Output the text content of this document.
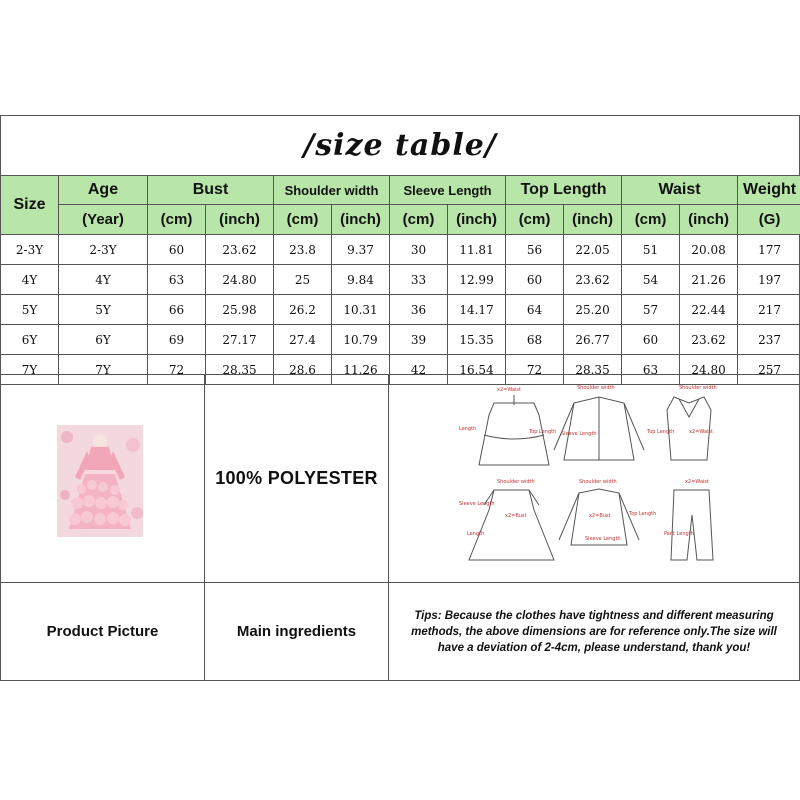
/size table/
Size	Age	Bust		Shoulder width		Sleeve Length		Top Length		Waist		Weight
	(Year)	(cm)	(inch)	(cm)	(inch)	(cm)	(inch)	(cm)	(inch)	(cm)	(inch)	(G)
2-3Y	2-3Y	60	23.62	23.8	9.37	30	11.81	56	22.05	51	20.08	177
4Y	4Y	63	24.80	25	9.84	33	12.99	60	23.62	54	21.26	197
5Y	5Y	66	25.98	26.2	10.31	36	14.17	64	25.20	57	22.44	217
6Y	6Y	69	27.17	27.4	10.79	39	15.35	68	26.77	60	23.62	237
7Y	7Y	72	28.35	28.6	11.26	42	16.54	72	28.35	63	24.80	257
100% POLYESTER
x2=Waist
Length
Shoulder width
Sleeve Length
Top Length
Shoulder width
Top Length	x2=Waist
Shoulder width
Sleeve Length
x2=Bust
Length
Shoulder width
Top Length
x2=Bust
Sleeve Length
x2=Waist
Pant Length
Product Picture	Main ingredients
Tips: Because the clothes have tightness and different measuring methods, the above dimensions are for reference only.The size will have a deviation of 2-4cm, please understand, thank you!
